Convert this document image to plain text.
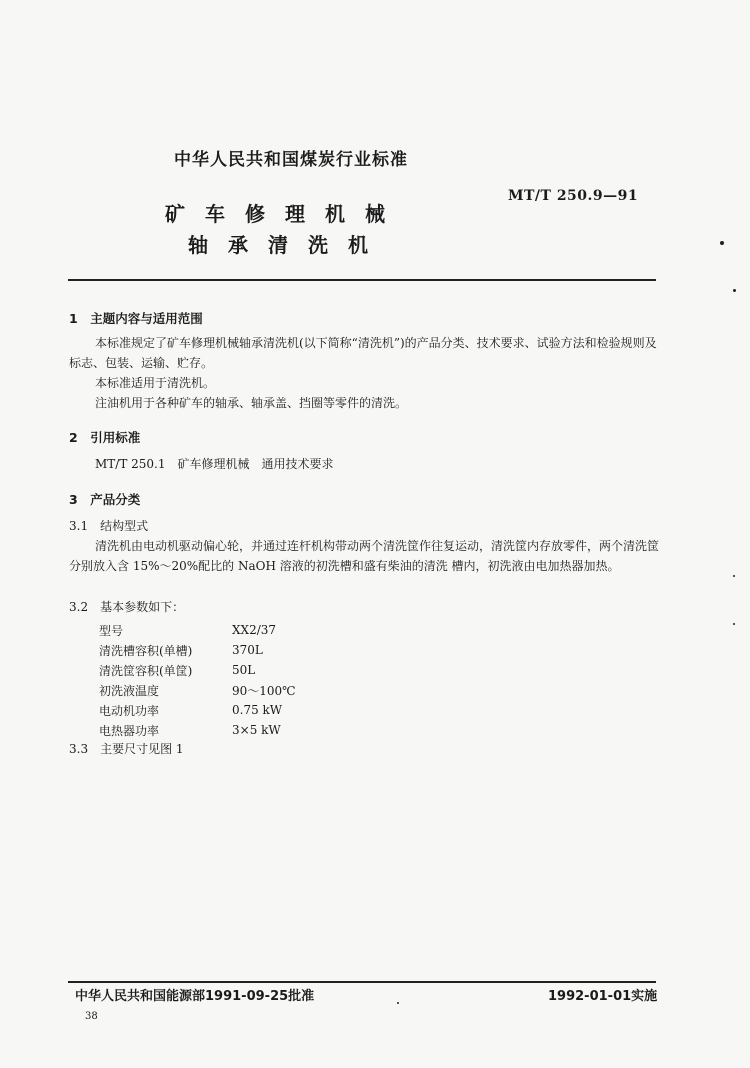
中华人民共和国煤炭行业标准
MT/T 250.9—91
矿　车　修　理　机　械
轴　承　清　洗　机
1　主题内容与适用范围
本标准规定了矿车修理机械轴承清洗机(以下简称“清洗机”)的产品分类、技术要求、试验方法和检验规则及标志、包装、运输、贮存。
本标准适用于清洗机。
注油机用于各种矿车的轴承、轴承盖、挡圈等零件的清洗。
2　引用标准
MT/T 250.1　矿车修理机械　通用技术要求
3　产品分类
3.1　结构型式
清洗机由电动机驱动偏心轮，并通过连杆机构带动两个清洗筐作往复运动，清洗筐内存放零件，两个清洗筐分别放入含 15%～20%配比的 NaOH 溶液的初洗槽和盛有柴油的清洗 槽内，初洗液由电加热器加热。
3.2　基本参数如下：
型号	XX2/37
清洗槽容积(单槽)	370L
清洗筐容积(单筐)	50L
初洗液温度	90～100℃
电动机功率	0.75 kW
电热器功率	3×5 kW
3.3　主要尺寸见图 1
中华人民共和国能源部1991-09-25批准	1992-01-01实施
38
